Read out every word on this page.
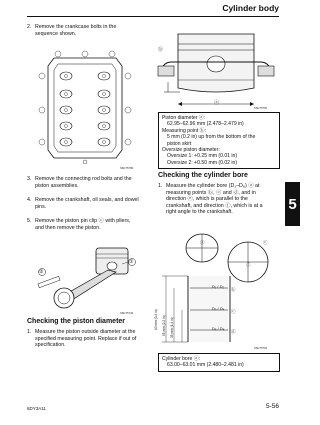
Cylinder body
5
2. Remove the crankcase bolts in the sequence shown.
S6D75780
3. Remove the connecting rod bolts and the piston assemblies.
4. Remove the crankshaft, oil seals, and dowel pins.
5. Remove the piston pin clip ⓒ with pliers, and then remove the piston.
①
②
S6D75740
Checking the piston diameter
1. Measure the piston outside diameter at the specified measuring point. Replace if out of specification.
ⓑ
ⓐ
S6D75750
Piston diameter ⓐ:
62.95–62.96 mm (2.478–2.479 in)
Measuring point ⓑ:
5 mm (0.2 in) up from the bottom of the
piston skirt
Oversize piston diameter:
Oversize 1: +0.25 mm (0.01 in)
Oversize 2: +0.50 mm (0.02 in)
Checking the cylinder bore
1. Measure the cylinder bore (D₁–D₆) ⓐ at measuring points ⓑ, ⓒ and ⓓ, and in direction ⓔ, which is parallel to the crankshaft, and direction ⓕ, which is at a right angle to the crankshaft.
D₁ / D₂
D₃ / D₄
D₅ / D₆
ⓐ
ⓑ
ⓒ
ⓓ
ⓔ
ⓕ
10 mm (0.4 in) 55 mm (2.2 in) 35 mm (1.4 in)
S6D75760
Cylinder bore ⓐ:
63.00–63.01 mm (2.480–2.481 in)
6DY3A11	5-56
